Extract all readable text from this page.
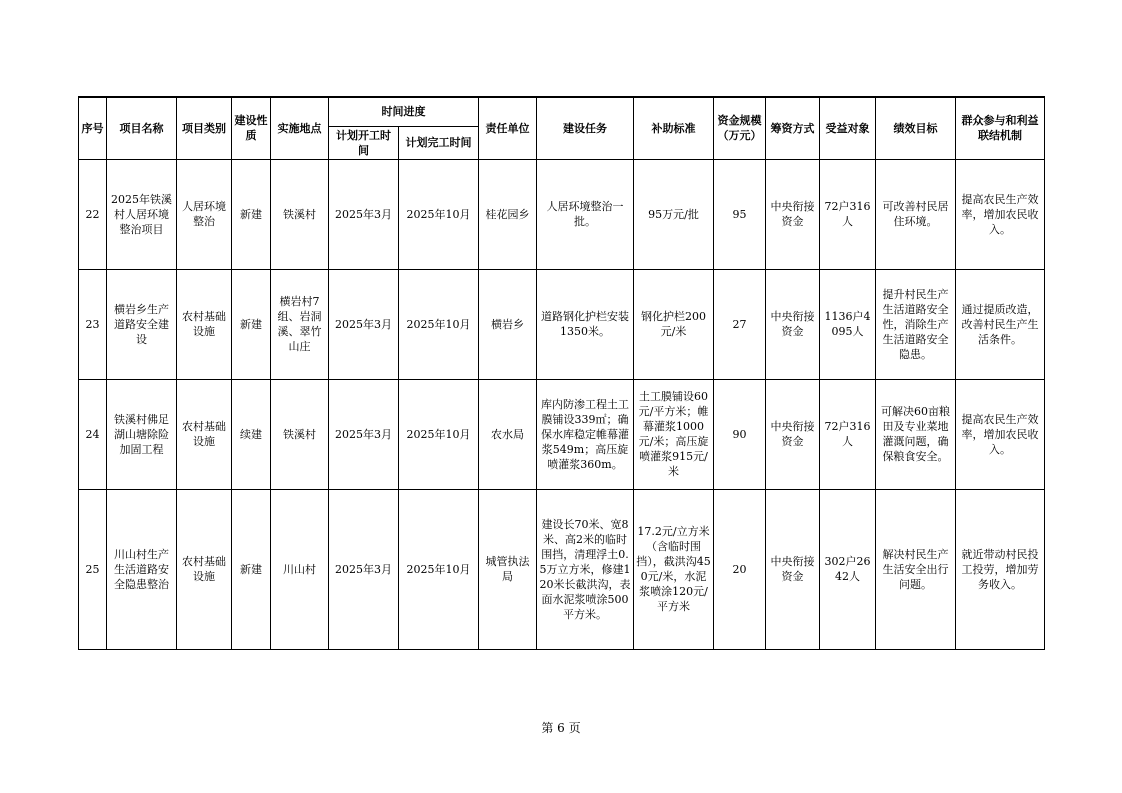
序号	项目名称	项目类别	建设性质	实施地点	时间进度		责任单位	建设任务	补助标准	资金规模（万元）	筹资方式	受益对象	绩效目标	群众参与和利益联结机制
					计划开工时间	计划完工时间								
22	2025年铁溪村人居环境整治项目	人居环境整治	新建	铁溪村	2025年3月	2025年10月	桂花园乡	人居环境整治一批。	95万元/批	95	中央衔接资金	72户316人	可改善村民居住环境。	提高农民生产效率，增加农民收入。
23	横岩乡生产道路安全建设	农村基础设施	新建	横岩村7组、岩洞溪、翠竹山庄	2025年3月	2025年10月	横岩乡	道路钢化护栏安装1350米。	钢化护栏200元/米	27	中央衔接资金	1136户4095人	提升村民生产生活道路安全性，消除生产生活道路安全隐患。	通过提质改造，改善村民生产生活条件。
24	铁溪村佛足湖山塘除险加固工程	农村基础设施	续建	铁溪村	2025年3月	2025年10月	农水局	库内防渗工程土工膜铺设339㎡；确保水库稳定帷幕灌浆549m；高压旋喷灌浆360m。	土工膜铺设60元/平方米；帷幕灌浆1000元/米；高压旋喷灌浆915元/米	90	中央衔接资金	72户316人	可解决60亩粮田及专业菜地灌溉问题，确保粮食安全。	提高农民生产效率，增加农民收入。
25	川山村生产生活道路安全隐患整治	农村基础设施	新建	川山村	2025年3月	2025年10月	城管执法局	建设长70米、宽8米、高2米的临时围挡，清理浮土0.5万立方米，修建120米长截洪沟，表面水泥浆喷涂500平方米。	17.2元/立方米（含临时围挡），截洪沟450元/米，水泥浆喷涂120元/平方米	20	中央衔接资金	302户2642人	解决村民生产生活安全出行问题。	就近带动村民投工投劳，增加劳务收入。
第 6 页
